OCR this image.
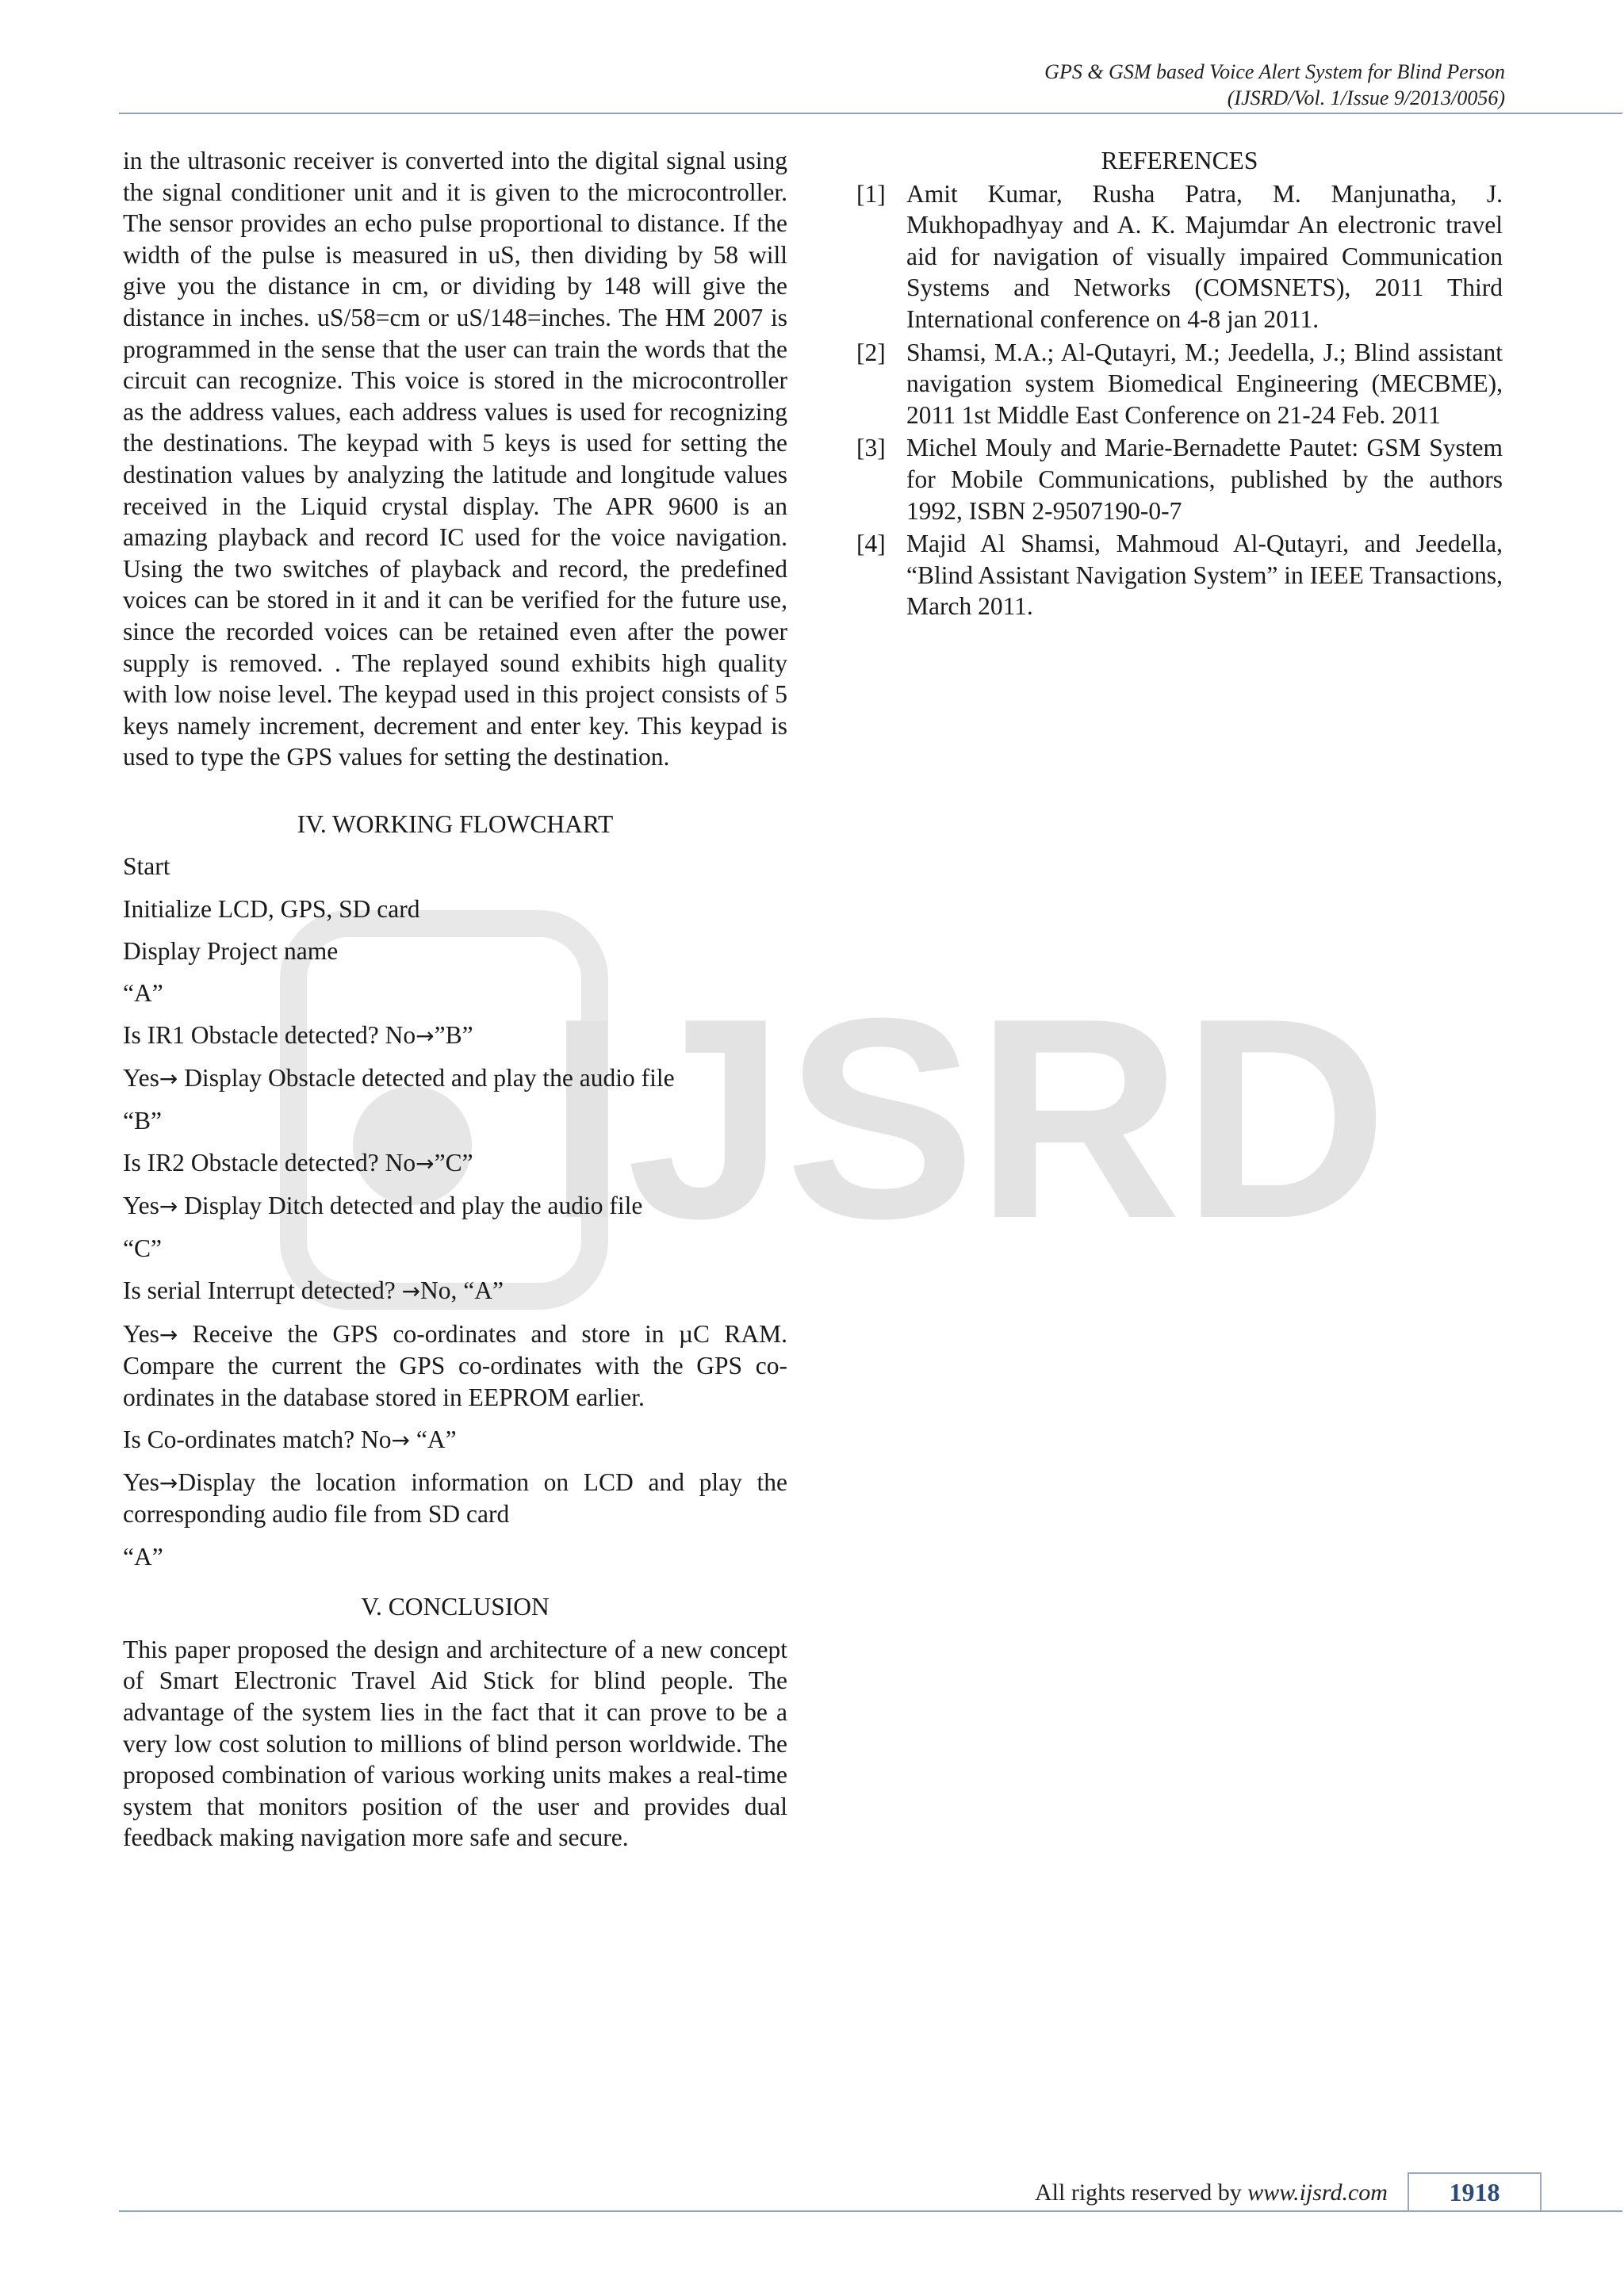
GPS & GSM based Voice Alert System for Blind Person
(IJSRD/Vol. 1/Issue 9/2013/0056)
IJSRD

in the ultrasonic receiver is converted into the digital signal using the signal conditioner unit and it is given to the microcontroller. The sensor provides an echo pulse proportional to distance. If the width of the pulse is measured in uS, then dividing by 58 will give you the distance in cm, or dividing by 148 will give the distance in inches. uS/58=cm or uS/148=inches. The HM 2007 is programmed in the sense that the user can train the words that the circuit can recognize. This voice is stored in the microcontroller as the address values, each address values is used for recognizing the destinations. The keypad with 5 keys is used for setting the destination values by analyzing the latitude and longitude values received in the Liquid crystal display. The APR 9600 is an amazing playback and record IC used for the voice navigation. Using the two switches of playback and record, the predefined voices can be stored in it and it can be verified for the future use, since the recorded voices can be retained even after the power supply is removed. . The replayed sound exhibits high quality with low noise level. The keypad used in this project consists of 5 keys namely increment, decrement and enter key. This keypad is used to type the GPS values for setting the destination.

IV. WORKING FLOWCHART

Start
Initialize LCD, GPS, SD card
Display Project name
“A”
Is IR1 Obstacle detected? No→”B”
Yes→ Display Obstacle detected and play the audio file
“B”
Is IR2 Obstacle detected? No→”C”
Yes→ Display Ditch detected and play the audio file
“C”
Is serial Interrupt detected? →No, “A”
Yes→ Receive the GPS co-ordinates and store in µC RAM. Compare the current the GPS co-ordinates with the GPS co-ordinates in the database stored in EEPROM earlier.
Is Co-ordinates match? No→ “A”
Yes→Display the location information on LCD and play the corresponding audio file from SD card
“A”

V. CONCLUSION

This paper proposed the design and architecture of a new concept of Smart Electronic Travel Aid Stick for blind people. The advantage of the system lies in the fact that it can prove to be a very low cost solution to millions of blind person worldwide. The proposed combination of various working units makes a real-time system that monitors position of the user and provides dual feedback making navigation more safe and secure.

REFERENCES

[1] Amit Kumar, Rusha Patra, M. Manjunatha, J. Mukhopadhyay and A. K. Majumdar An electronic travel aid for navigation of visually impaired Communication Systems and Networks (COMSNETS), 2011 Third International conference on 4-8 jan 2011.
[2] Shamsi, M.A.; Al-Qutayri, M.; Jeedella, J.; Blind assistant navigation system Biomedical Engineering (MECBME), 2011 1st Middle East Conference on 21-24 Feb. 2011
[3] Michel Mouly and Marie-Bernadette Pautet: GSM System for Mobile Communications, published by the authors 1992, ISBN 2-9507190-0-7
[4] Majid Al Shamsi, Mahmoud Al-Qutayri, and Jeedella, “Blind Assistant Navigation System” in IEEE Transactions, March 2011.
All rights reserved by www.ijsrd.com	1918
